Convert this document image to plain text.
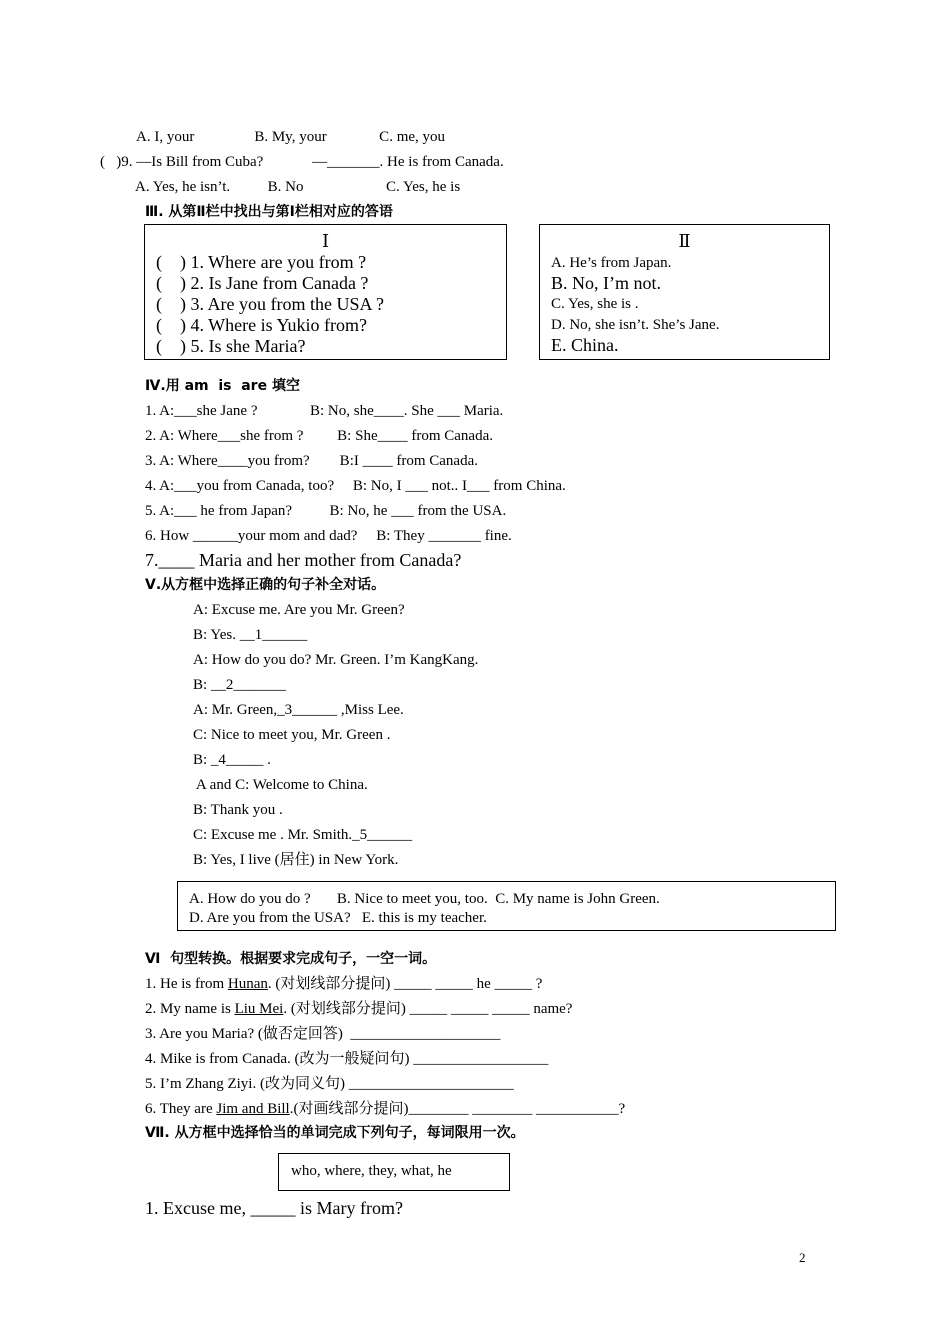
A. I, your                B. My, your              C. me, you
(   )9. —Is Bill from Cuba?             —_______. He is from Canada.
A. Yes, he isn’t.          B. No                      C. Yes, he is
Ⅲ. 从第Ⅱ栏中找出与第Ⅰ栏相对应的答语
Ⅰ
(    ) 1. Where are you from ?
(    ) 2. Is Jane from Canada ?
(    ) 3. Are you from the USA ?
(    ) 4. Where is Yukio from?
(    ) 5. Is she Maria?
Ⅱ
A. He’s from Japan.
B. No, I’m not.
C. Yes, she is .
D. No, she isn’t. She’s Jane.
E. China.
Ⅳ.用 am  is  are 填空
1. A:___she Jane ?              B: No, she____. She ___ Maria.
2. A: Where___she from ?         B: She____ from Canada.
3. A: Where____you from?        B:I ____ from Canada.
4. A:___you from Canada, too?     B: No, I ___ not.. I___ from China.
5. A:___ he from Japan?          B: No, he ___ from the USA.
6. How ______your mom and dad?     B: They _______ fine.
7.____ Maria and her mother from Canada?
Ⅴ.从方框中选择正确的句子补全对话。
A: Excuse me. Are you Mr. Green?
B: Yes. __1______
A: How do you do? Mr. Green. I’m KangKang.
B: __2_______
A: Mr. Green,_3______ ,Miss Lee.
C: Nice to meet you, Mr. Green .
B: _4_____ .
A and C: Welcome to China.
B: Thank you .
C: Excuse me . Mr. Smith._5______
B: Yes, I live (居住) in New York.
A. How do you do ?       B. Nice to meet you, too.  C. My name is John Green.
D. Are you from the USA?   E. this is my teacher.
Ⅵ  句型转换。根据要求完成句子，一空一词。
1. He is from Hunan. (对划线部分提问) _____ _____ he _____ ?
2. My name is Liu Mei. (对划线部分提问) _____ _____ _____ name?
3. Are you Maria? (做否定回答)  ____________________
4. Mike is from Canada. (改为一般疑问句) __________________
5. I’m Zhang Ziyi. (改为同义句) ______________________
6. They are Jim and Bill.(对画线部分提问)________ ________ ___________?
Ⅶ. 从方框中选择恰当的单词完成下列句子，每词限用一次。
who, where, they, what, he
1. Excuse me, _____ is Mary from?
2
